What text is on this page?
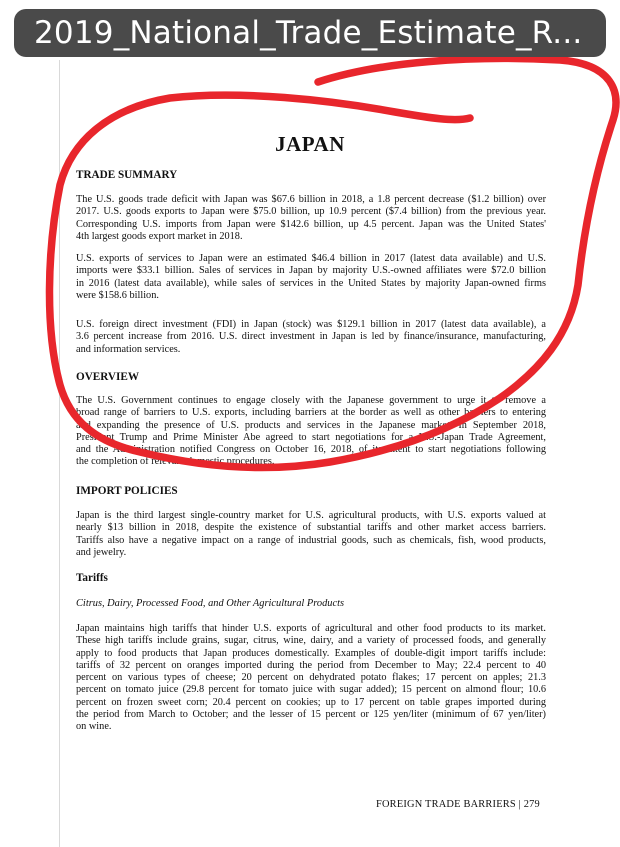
2019_National_Trade_Estimate_R...
JAPAN
TRADE SUMMARY
The U.S. goods trade deficit with Japan was $67.6 billion in 2018, a 1.8 percent decrease ($1.2 billion) over
2017. U.S. goods exports to Japan were $75.0 billion, up 10.9 percent ($7.4 billion) from the previous year.
Corresponding U.S. imports from Japan were $142.6 billion, up 4.5 percent. Japan was the United States'
4th largest goods export market in 2018.
U.S. exports of services to Japan were an estimated $46.4 billion in 2017 (latest data available) and U.S.
imports were $33.1 billion. Sales of services in Japan by majority U.S.-owned affiliates were $72.0 billion
in 2016 (latest data available), while sales of services in the United States by majority Japan-owned firms
were $158.6 billion.
U.S. foreign direct investment (FDI) in Japan (stock) was $129.1 billion in 2017 (latest data available), a
3.6 percent increase from 2016. U.S. direct investment in Japan is led by finance/insurance, manufacturing,
and information services.
OVERVIEW
The U.S. Government continues to engage closely with the Japanese government to urge it to remove a
broad range of barriers to U.S. exports, including barriers at the border as well as other barriers to entering
and expanding the presence of U.S. products and services in the Japanese market. In September 2018,
President Trump and Prime Minister Abe agreed to start negotiations for a U.S.-Japan Trade Agreement,
and the Administration notified Congress on October 16, 2018, of its intent to start negotiations following
the completion of relevant domestic procedures.
IMPORT POLICIES
Japan is the third largest single-country market for U.S. agricultural products, with U.S. exports valued at
nearly $13 billion in 2018, despite the existence of substantial tariffs and other market access barriers.
Tariffs also have a negative impact on a range of industrial goods, such as chemicals, fish, wood products,
and jewelry.
Tariffs
Citrus, Dairy, Processed Food, and Other Agricultural Products
Japan maintains high tariffs that hinder U.S. exports of agricultural and other food products to its market.
These high tariffs include grains, sugar, citrus, wine, dairy, and a variety of processed foods, and generally
apply to food products that Japan produces domestically. Examples of double-digit import tariffs include:
tariffs of 32 percent on oranges imported during the period from December to May; 22.4 percent to 40
percent on various types of cheese; 20 percent on dehydrated potato flakes; 17 percent on apples; 21.3
percent on tomato juice (29.8 percent for tomato juice with sugar added); 15 percent on almond flour; 10.6
percent on frozen sweet corn; 20.4 percent on cookies; up to 17 percent on table grapes imported during
the period from March to October; and the lesser of 15 percent or 125 yen/liter (minimum of 67 yen/liter)
on wine.
FOREIGN TRADE BARRIERS | 279
